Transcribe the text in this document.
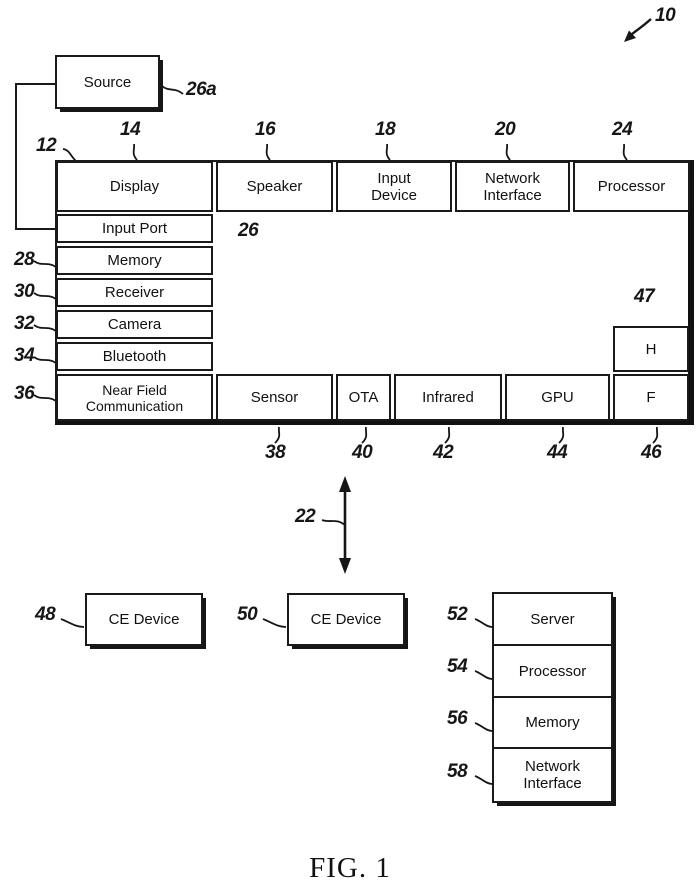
Source
Display	Speaker	Input Device
Network Interface	Processor
Input Port
Memory
Receiver
Camera
Bluetooth
Near Field Communication
H
Sensor	OTA	Infrared	GPU	F
CE Device	CE Device	Server
Processor
Memory
Network Interface
10
26a
12
14	16	18	20	24
26
28
30
32
34
36
47
38	40	42	44	46
22
48	50	52
54
56
58
FIG. 1
